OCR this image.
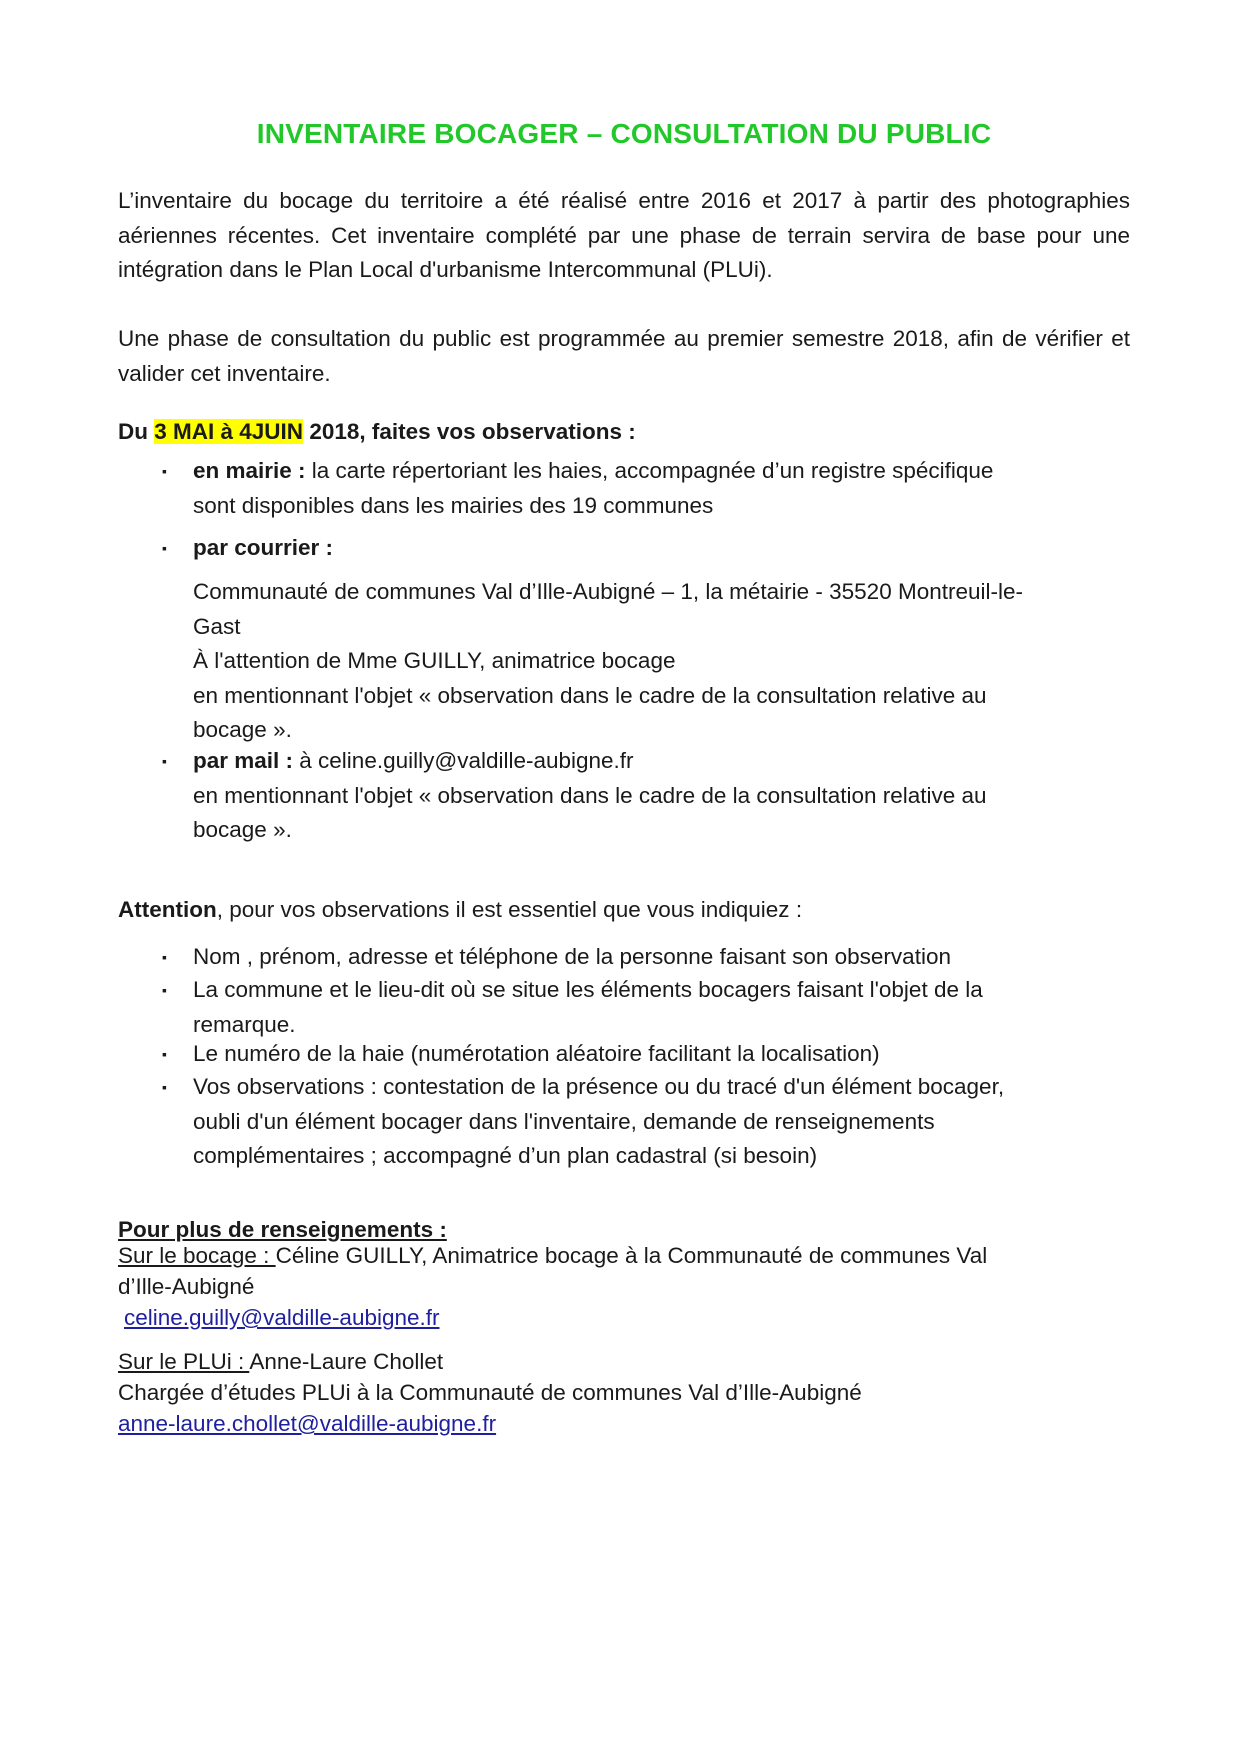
INVENTAIRE BOCAGER – CONSULTATION DU PUBLIC
L’inventaire du bocage du territoire a été réalisé entre 2016 et 2017 à partir des photographies aériennes récentes. Cet inventaire complété par une phase de terrain servira de base pour une intégration dans le Plan Local d'urbanisme Intercommunal (PLUi).
Une phase de consultation du public est programmée au premier semestre 2018, afin de vérifier et valider cet inventaire.
Du 3 MAI à 4JUIN 2018, faites vos observations :
▪ en mairie : la carte répertoriant les haies, accompagnée d’un registre spécifique
sont disponibles dans les mairies des 19 communes
▪ par courrier :
Communauté de communes Val d’Ille-Aubigné – 1, la métairie - 35520 Montreuil-le-
Gast
À l'attention de Mme GUILLY, animatrice bocage
en mentionnant l'objet « observation dans le cadre de la consultation relative au
bocage ».
▪ par mail : à celine.guilly@valdille-aubigne.fr
en mentionnant l'objet « observation dans le cadre de la consultation relative au
bocage ».
Attention, pour vos observations il est essentiel que vous indiquiez :
▪ Nom , prénom, adresse et téléphone de la personne faisant son observation
▪ La commune et le lieu-dit où se situe les éléments bocagers faisant l'objet de la
remarque.
▪ Le numéro de la haie (numérotation aléatoire facilitant la localisation)
▪ Vos observations : contestation de la présence ou du tracé d'un élément bocager,
oubli d'un élément bocager dans l'inventaire, demande de renseignements
complémentaires ; accompagné d’un plan cadastral (si besoin)
Pour plus de renseignements :
Sur le bocage : Céline GUILLY, Animatrice bocage à la Communauté de communes Val
d’Ille-Aubigné
celine.guilly@valdille-aubigne.fr
Sur le PLUi : Anne-Laure Chollet
Chargée d’études PLUi à la Communauté de communes Val d’Ille-Aubigné
anne-laure.chollet@valdille-aubigne.fr
